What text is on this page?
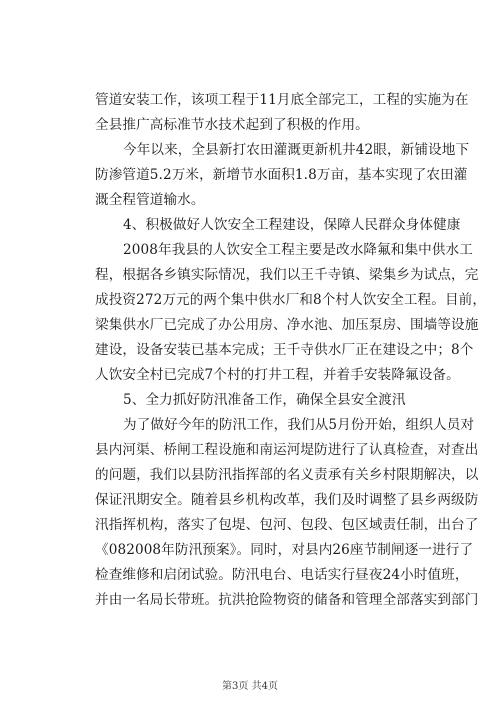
管道安装工作，该项工程于11月底全部完工，工程的实施为在
全县推广高标准节水技术起到了积极的作用。
今年以来，全县新打农田灌溉更新机井42眼，新铺设地下
防渗管道5.2万米，新增节水面积1.8万亩，基本实现了农田灌
溉全程管道输水。
4、积极做好人饮安全工程建设，保障人民群众身体健康
2008年我县的人饮安全工程主要是改水降氟和集中供水工
程，根据各乡镇实际情况，我们以王千寺镇、梁集乡为试点，完
成投资272万元的两个集中供水厂和8个村人饮安全工程。目前，
梁集供水厂已完成了办公用房、净水池、加压泵房、围墙等设施
建设，设备安装已基本完成；王千寺供水厂正在建设之中；8个
人饮安全村已完成7个村的打井工程，并着手安装降氟设备。
5、全力抓好防汛准备工作，确保全县安全渡汛
为了做好今年的防汛工作，我们从5月份开始，组织人员对
县内河渠、桥闸工程设施和南运河堤防进行了认真检查，对查出
的问题，我们以县防汛指挥部的名义责承有关乡村限期解决，以
保证汛期安全。随着县乡机构改革，我们及时调整了县乡两级防
汛指挥机构，落实了包堤、包河、包段、包区域责任制，出台了
《082008年防汛预案》。同时，对县内26座节制闸逐一进行了
检查维修和启闭试验。防汛电台、电话实行昼夜24小时值班，
并由一名局长带班。抗洪抢险物资的储备和管理全部落实到部门
第3页 共4页
